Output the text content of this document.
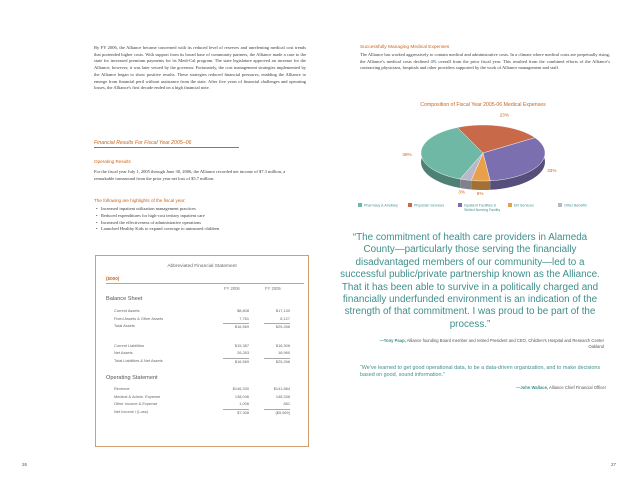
By FY 2006, the Alliance became concerned with its reduced level of reserves and unrelenting medical cost trends that portended higher costs. With support from its broad base of community partners, the Alliance made a case to the state for increased premium payments for its Medi-Cal program. The state legislature approved an increase for the Alliance; however, it was later vetoed by the governor. Fortunately, the cost management strategies implemented by the Alliance began to show positive results. These strategies reduced financial pressures, enabling the Alliance to emerge from financial peril without assistance from the state. After five years of financial challenges and operating losses, the Alliance's first decade ended on a high financial note.

Financial Results For Fiscal Year 2005–06
Operating Results
For the fiscal year July 1, 2005 through June 30, 2006, the Alliance recorded net income of $7.3 million, a remarkable turnaround from the prior year net loss of $5.7 million.
The following are highlights of the fiscal year:
• Increased inpatient utilization management practices
• Reduced expenditures for high-cost tertiary inpatient care
• Increased the effectiveness of administrative operations
• Launched Healthy Kids to expand coverage to uninsured children
Abbreviated Financial Statement
($000)
FY 2006	FY 2005
Balance Sheet
Current Assets	$8,808	$17,140
Fixed Assets & Other Assets	7,761	8,127
Total Assets	$16,569	$25,266
Current Liabilities	$15,387	$16,306
Net Assets	26,263	18,960
Total Liabilities & Net Assets	$16,569	$25,266
Operating Statement
Revenue	$146,330	$141,884
Medical & Admin. Expense	138,046	148,336
Other Income & Expense	1,006	881
Net Income / (Loss)	$7,308	($5,569)
26
Successfully Managing Medical Expenses
The Alliance has worked aggressively to contain medical and administrative costs. In a climate where medical costs are perpetually rising, the Alliance's medical costs declined 4% overall from the prior fiscal year. This resulted from the combined efforts of the Alliance's contracting physicians, hospitals and other providers supported by the work of Alliance management and staff.
Composition of Fiscal Year 2005-06 Medical Expenses
38%
23%
33%
5%
3%
Pharmacy & Ancillary	Physician Services	Inpatient Facilities &
Skilled Nursing Facility
ER Services	Other Benefits
“The commitment of health care providers in Alameda County—particularly those serving the financially disadvantaged members of our community—led to a successful public/private partnership known as the Alliance. That it has been able to survive in a politically charged and financially underfunded environment is an indication of the strength of that commitment. I was proud to be part of the process.”
—Tony Paap, Alliance founding Board member and retired President and CEO, Children's Hospital and Research Center Oakland
“We've learned to get good operational data, to be a data-driven organization, and to make decisions based on good, sound information.”
—John Wallace, Alliance Chief Financial Officer
27
